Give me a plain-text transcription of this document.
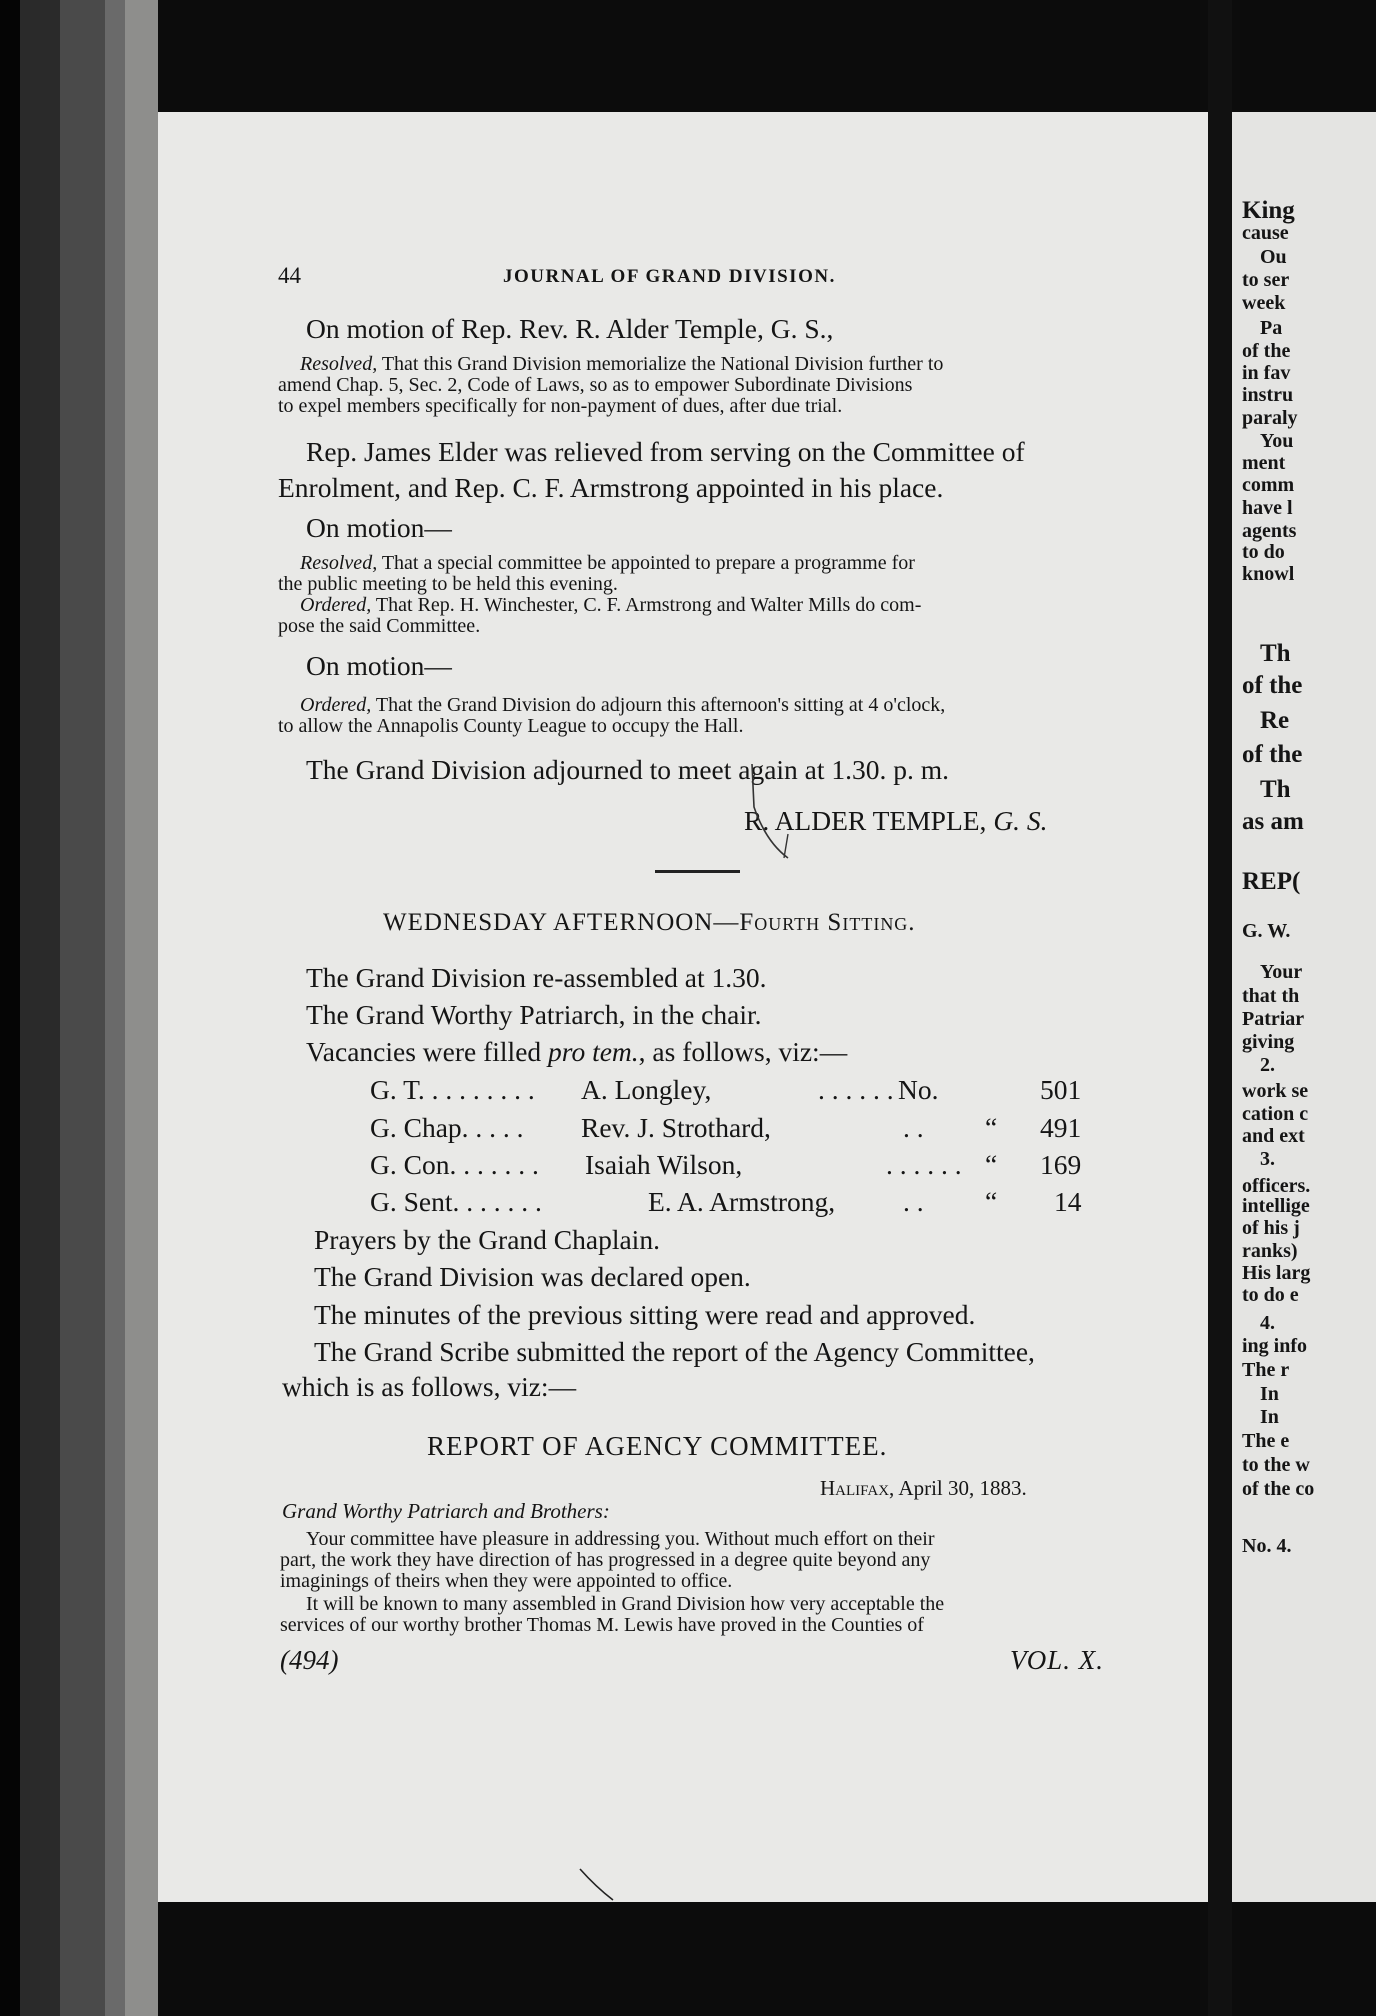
44	JOURNAL OF GRAND DIVISION.
On motion of Rep. Rev. R. Alder Temple, G. S.,
Resolved, That this Grand Division memorialize the National Division further to
amend Chap. 5, Sec. 2, Code of Laws, so as to empower Subordinate Divisions
to expel members specifically for non-payment of dues, after due trial.
Rep. James Elder was relieved from serving on the Committee of
Enrolment, and Rep. C. F. Armstrong appointed in his place.
On motion—
Resolved, That a special committee be appointed to prepare a programme for
the public meeting to be held this evening.
Ordered, That Rep. H. Winchester, C. F. Armstrong and Walter Mills do com-
pose the said Committee.
On motion—
Ordered, That the Grand Division do adjourn this afternoon's sitting at 4 o'clock,
to allow the Annapolis County League to occupy the Hall.
The Grand Division adjourned to meet again at 1.30. p. m.
R. ALDER TEMPLE, G. S.
WEDNESDAY AFTERNOON—Fourth Sitting.
The Grand Division re-assembled at 1.30.
The Grand Worthy Patriarch, in the chair.
Vacancies were filled pro tem., as follows, viz:—
G. T. . . . . . . . . A. Longley,	. . . . . . No.	501
G. Chap. . . . . Rev. J. Strothard,	. . “ 491
G. Con. . . . . . . Isaiah Wilson,	. . . . . . “ 169
G. Sent. . . . . . .	E. A. Armstrong, . . “ 14
Prayers by the Grand Chaplain.
The Grand Division was declared open.
The minutes of the previous sitting were read and approved.
The Grand Scribe submitted the report of the Agency Committee,
which is as follows, viz:—
REPORT OF AGENCY COMMITTEE.
Halifax, April 30, 1883.
Grand Worthy Patriarch and Brothers:
Your committee have pleasure in addressing you. Without much effort on their
part, the work they have direction of has progressed in a degree quite beyond any
imaginings of theirs when they were appointed to office.
It will be known to many assembled in Grand Division how very acceptable the
services of our worthy brother Thomas M. Lewis have proved in the Counties of
(494)	VOL. X.
King
cause
Ou
to ser
week
Pa
of the
in fav
instru
paraly
You
ment
comm
have l
agents
to do
knowl
Th
of the
Re
of the
Th
as am
REP(
G. W.
Your
that th
Patriar
giving
2.
work se
cation c
and ext
3.
officers.
intellige
of his j
ranks)
His larg
to do e
4.
ing info
The r
In
In
The e
to the w
of the co
No. 4.
